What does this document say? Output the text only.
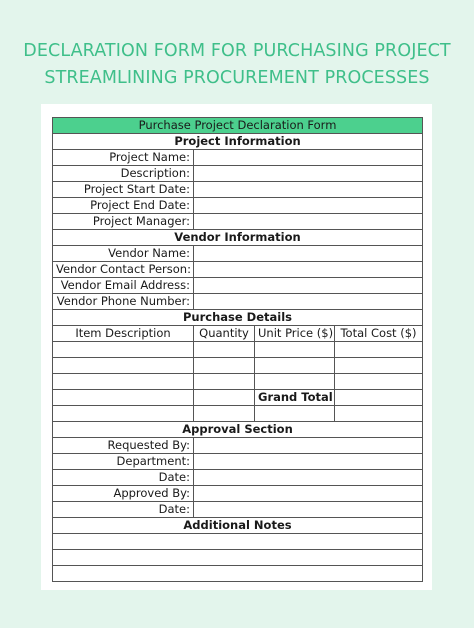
DECLARATION FORM FOR PURCHASING PROJECT
STREAMLINING PROCUREMENT PROCESSES
Purchase Project Declaration Form			
Project Information			
Project Name:			
Description:			
Project Start Date:			
Project End Date:			
Project Manager:			
Vendor Information			
Vendor Name:			
Vendor Contact Person:			
Vendor Email Address:			
Vendor Phone Number:			
Purchase Details			
Item Description	Quantity	Unit Price ($)	Total Cost ($)

		Grand Total	

Approval Section			
Requested By:			
Department:			
Date:			
Approved By:			
Date:			
Additional Notes			
